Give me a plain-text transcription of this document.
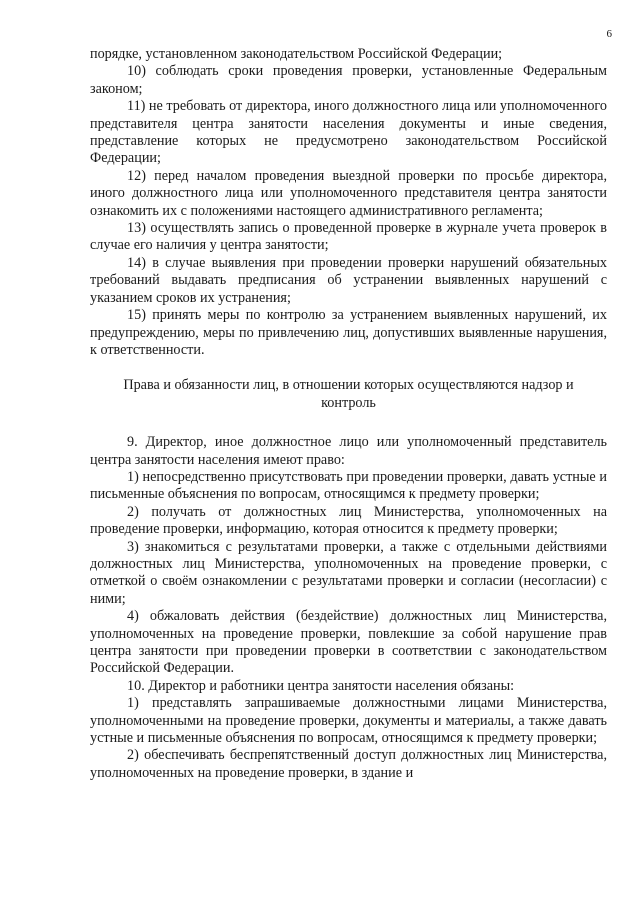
6

порядке, установленном законодательством Российской Федерации;

10) соблюдать сроки проведения проверки, установленные Федеральным законом;

11) не требовать от директора, иного должностного лица или уполномоченного представителя центра занятости населения документы и иные сведения, представление которых не предусмотрено законодательством Российской Федерации;

12) перед началом проведения выездной проверки по просьбе директора, иного должностного лица или уполномоченного представителя центра занятости ознакомить их с положениями настоящего административного регламента;

13) осуществлять запись о проведенной проверке в журнале учета проверок в случае его наличия у центра занятости;

14) в случае выявления при проведении проверки нарушений обязательных требований выдавать предписания об устранении выявленных нарушений с указанием сроков их устранения;

15) принять меры по контролю за устранением выявленных нарушений, их предупреждению, меры по привлечению лиц, допустивших выявленные нарушения, к ответственности.

Права и обязанности лиц, в отношении которых осуществляются надзор и контроль

9. Директор, иное должностное лицо или уполномоченный представитель центра занятости населения имеют право:

1) непосредственно присутствовать при проведении проверки, давать устные и письменные объяснения по вопросам, относящимся к предмету проверки;

2) получать от должностных лиц Министерства, уполномоченных на проведение проверки, информацию, которая относится к предмету проверки;

3) знакомиться с результатами проверки, а также с отдельными действиями должностных лиц Министерства, уполномоченных на проведение проверки, с отметкой о своём ознакомлении с результатами проверки и согласии (несогласии) с ними;

4) обжаловать действия (бездействие) должностных лиц Министерства, уполномоченных на проведение проверки, повлекшие за собой нарушение прав центра занятости при проведении проверки в соответствии с законодательством Российской Федерации.

10. Директор и работники центра занятости населения обязаны:

1) представлять запрашиваемые должностными лицами Министерства, уполномоченными на проведение проверки, документы и материалы, а также давать устные и письменные объяснения по вопросам, относящимся к предмету проверки;

2) обеспечивать беспрепятственный доступ должностных лиц Министерства, уполномоченных на проведение проверки, в здание и
